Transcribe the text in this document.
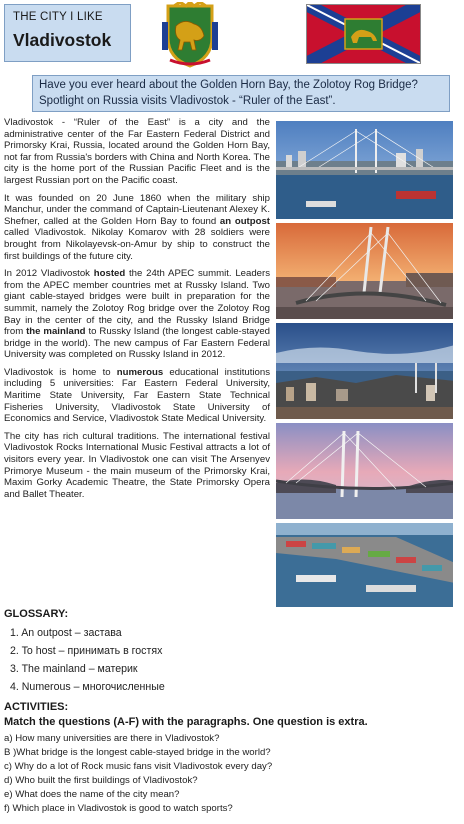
THE CITY I LIKE
Vladivostok
Have you ever heard about the Golden Horn Bay, the Zolotoy Rog Bridge?
Spotlight on Russia visits Vladivostok - “Ruler of the East”.

Vladivostok - “Ruler of the East” is a city and the administrative center of the Far Eastern Federal District and Primorsky Krai, Russia, located around the Golden Horn Bay, not far from Russia's borders with China and North Korea. The city is the home port of the Russian Pacific Fleet and is the largest Russian port on the Pacific coast.

It was founded on 20 June 1860 when the military ship Manchur, under the command of Captain-Lieutenant Alexey K. Shefner, called at the Golden Horn Bay to found an outpost called Vladivostok. Nikolay Komarov with 28 soldiers were brought from Nikolayevsk-on-Amur by ship to construct the first buildings of the future city.

In 2012 Vladivostok hosted the 24th APEC summit. Leaders from the APEC member countries met at Russky Island. Two giant cable-stayed bridges were built in preparation for the summit, namely the Zolotoy Rog bridge over the Zolotoy Rog Bay in the center of the city, and the Russky Island Bridge from the mainland to Russky Island (the longest cable-stayed bridge in the world). The new campus of Far Eastern Federal University was completed on Russky Island in 2012.

Vladivostok is home to numerous educational institutions including 5 universities: Far Eastern Federal University, Maritime State University, Far Eastern State Technical Fisheries University, Vladivostok State University of Economics and Service, Vladivostok State Medical University.

The city has rich cultural traditions. The international festival Vladivostok Rocks International Music Festival attracts a lot of visitors every year. In Vladivostok one can visit The Arsenyev Primorye Museum - the main museum of the Primorsky Krai, Maxim Gorky Academic Theatre, the State Primorsky Opera and Ballet Theater.

GLOSSARY:
1. An outpost – застава
2. To host – принимать в гостях
3. The mainland – материк
4. Numerous – многочисленные
ACTIVITIES:
Match the questions (A-F) with the paragraphs. One question is extra.
a) How many universities are there in Vladivostok?
B )What bridge is the longest cable-stayed bridge in the world?
c) Why do a lot of Rock music fans visit Vladivostok every day?
d) Who built the first buildings of Vladivostok?
e) What does the name of the city mean?
f) Which place in Vladivostok is good to watch sports?
